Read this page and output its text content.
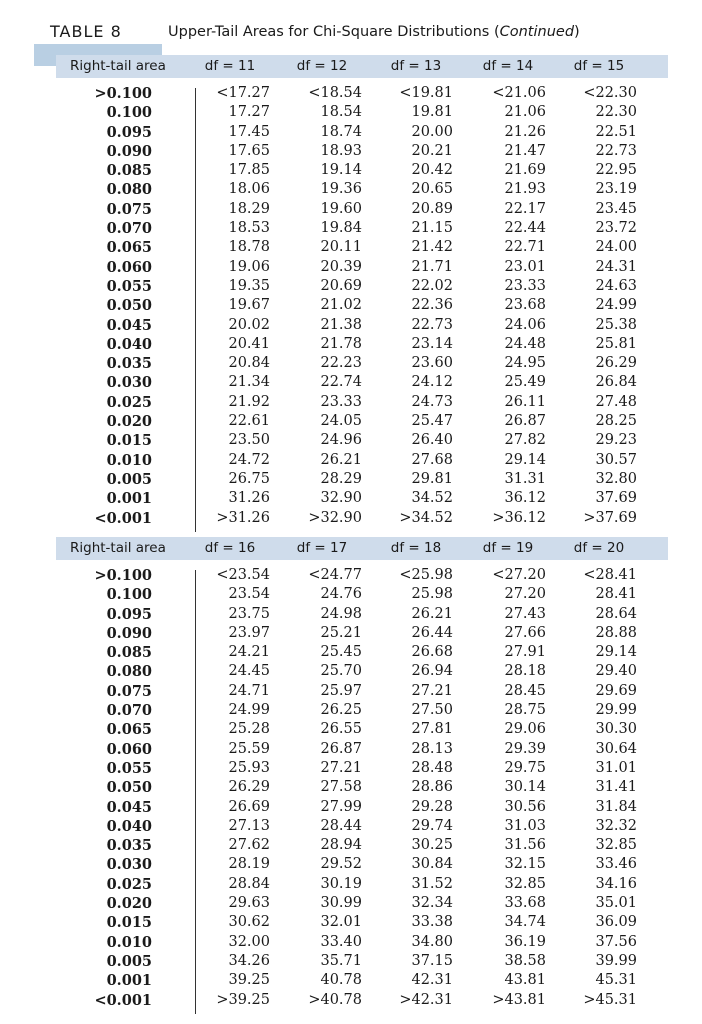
TABLE 8	Upper-Tail Areas for Chi-Square Distributions (Continued)
Right-tail area	df = 11	df = 12	df = 13	df = 14	df = 15
>0.100	<17.27	<18.54	<19.81	<21.06	<22.30
0.100	17.27	18.54	19.81	21.06	22.30
0.095	17.45	18.74	20.00	21.26	22.51
0.090	17.65	18.93	20.21	21.47	22.73
0.085	17.85	19.14	20.42	21.69	22.95
0.080	18.06	19.36	20.65	21.93	23.19
0.075	18.29	19.60	20.89	22.17	23.45
0.070	18.53	19.84	21.15	22.44	23.72
0.065	18.78	20.11	21.42	22.71	24.00
0.060	19.06	20.39	21.71	23.01	24.31
0.055	19.35	20.69	22.02	23.33	24.63
0.050	19.67	21.02	22.36	23.68	24.99
0.045	20.02	21.38	22.73	24.06	25.38
0.040	20.41	21.78	23.14	24.48	25.81
0.035	20.84	22.23	23.60	24.95	26.29
0.030	21.34	22.74	24.12	25.49	26.84
0.025	21.92	23.33	24.73	26.11	27.48
0.020	22.61	24.05	25.47	26.87	28.25
0.015	23.50	24.96	26.40	27.82	29.23
0.010	24.72	26.21	27.68	29.14	30.57
0.005	26.75	28.29	29.81	31.31	32.80
0.001	31.26	32.90	34.52	36.12	37.69
<0.001	>31.26	>32.90	>34.52	>36.12	>37.69
Right-tail area	df = 16	df = 17	df = 18	df = 19	df = 20
>0.100	<23.54	<24.77	<25.98	<27.20	<28.41
0.100	23.54	24.76	25.98	27.20	28.41
0.095	23.75	24.98	26.21	27.43	28.64
0.090	23.97	25.21	26.44	27.66	28.88
0.085	24.21	25.45	26.68	27.91	29.14
0.080	24.45	25.70	26.94	28.18	29.40
0.075	24.71	25.97	27.21	28.45	29.69
0.070	24.99	26.25	27.50	28.75	29.99
0.065	25.28	26.55	27.81	29.06	30.30
0.060	25.59	26.87	28.13	29.39	30.64
0.055	25.93	27.21	28.48	29.75	31.01
0.050	26.29	27.58	28.86	30.14	31.41
0.045	26.69	27.99	29.28	30.56	31.84
0.040	27.13	28.44	29.74	31.03	32.32
0.035	27.62	28.94	30.25	31.56	32.85
0.030	28.19	29.52	30.84	32.15	33.46
0.025	28.84	30.19	31.52	32.85	34.16
0.020	29.63	30.99	32.34	33.68	35.01
0.015	30.62	32.01	33.38	34.74	36.09
0.010	32.00	33.40	34.80	36.19	37.56
0.005	34.26	35.71	37.15	38.58	39.99
0.001	39.25	40.78	42.31	43.81	45.31
<0.001	>39.25	>40.78	>42.31	>43.81	>45.31
